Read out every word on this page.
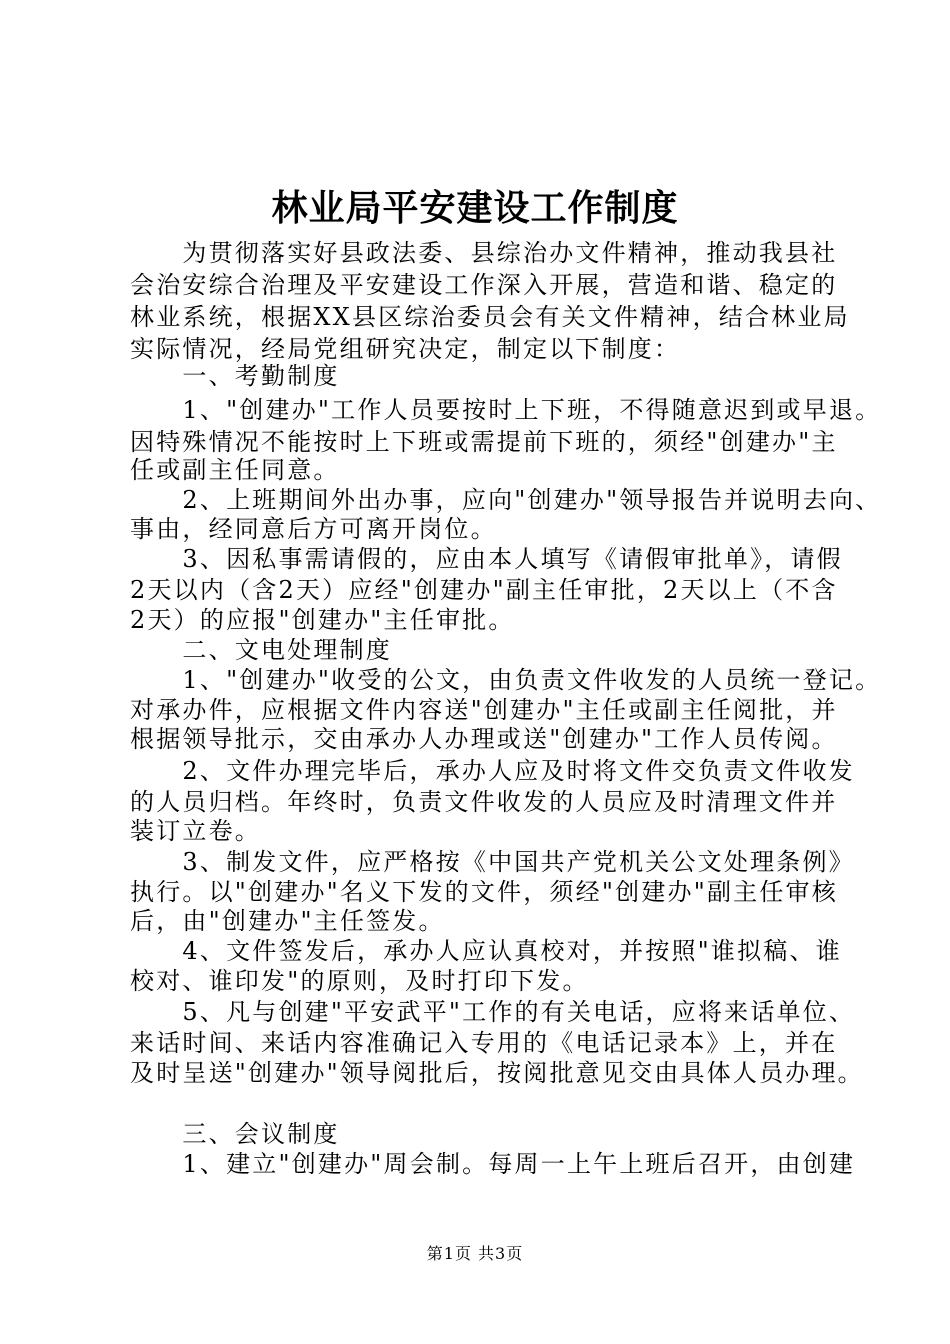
林业局平安建设工作制度
　　为贯彻落实好县政法委、县综治办文件精神，推动我县社
会治安综合治理及平安建设工作深入开展，营造和谐、稳定的
林业系统，根据XX县区综治委员会有关文件精神，结合林业局
实际情况，经局党组研究决定，制定以下制度：
　　一、考勤制度
　　1、"创建办"工作人员要按时上下班，不得随意迟到或早退。
因特殊情况不能按时上下班或需提前下班的，须经"创建办"主
任或副主任同意。
　　2、上班期间外出办事，应向"创建办"领导报告并说明去向、
事由，经同意后方可离开岗位。
　　3、因私事需请假的，应由本人填写《请假审批单》，请假
2天以内（含2天）应经"创建办"副主任审批，2天以上（不含
2天）的应报"创建办"主任审批。
　　二、文电处理制度
　　1、"创建办"收受的公文，由负责文件收发的人员统一登记。
对承办件，应根据文件内容送"创建办"主任或副主任阅批，并
根据领导批示，交由承办人办理或送"创建办"工作人员传阅。
　　2、文件办理完毕后，承办人应及时将文件交负责文件收发
的人员归档。年终时，负责文件收发的人员应及时清理文件并
装订立卷。
　　3、制发文件，应严格按《中国共产党机关公文处理条例》
执行。以"创建办"名义下发的文件，须经"创建办"副主任审核
后，由"创建办"主任签发。
　　4、文件签发后，承办人应认真校对，并按照"谁拟稿、谁
校对、谁印发"的原则，及时打印下发。
　　5、凡与创建"平安武平"工作的有关电话，应将来话单位、
来话时间、来话内容准确记入专用的《电话记录本》上，并在
及时呈送"创建办"领导阅批后，按阅批意见交由具体人员办理。
　　三、会议制度
　　1、建立"创建办"周会制。每周一上午上班后召开，由创建
第1页 共3页
